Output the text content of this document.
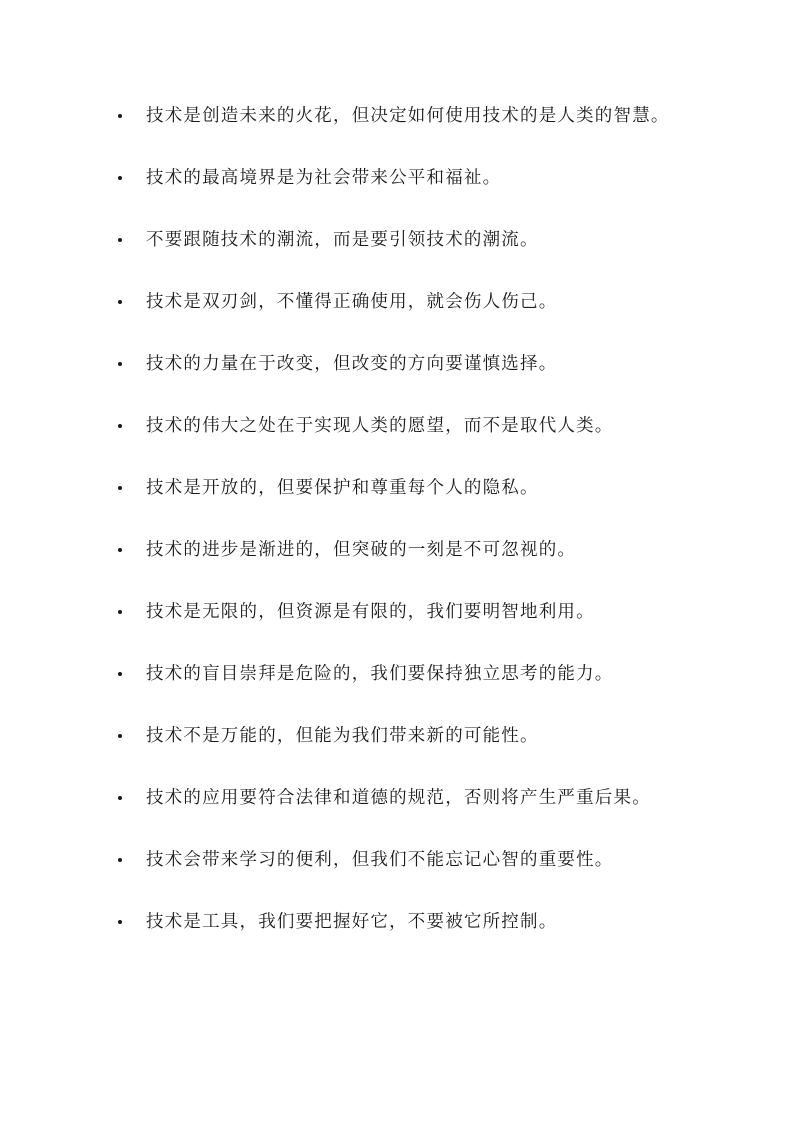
技术是创造未来的火花，但决定如何使用技术的是人类的智慧。
技术的最高境界是为社会带来公平和福祉。
不要跟随技术的潮流，而是要引领技术的潮流。
技术是双刃剑，不懂得正确使用，就会伤人伤己。
技术的力量在于改变，但改变的方向要谨慎选择。
技术的伟大之处在于实现人类的愿望，而不是取代人类。
技术是开放的，但要保护和尊重每个人的隐私。
技术的进步是渐进的，但突破的一刻是不可忽视的。
技术是无限的，但资源是有限的，我们要明智地利用。
技术的盲目崇拜是危险的，我们要保持独立思考的能力。
技术不是万能的，但能为我们带来新的可能性。
技术的应用要符合法律和道德的规范，否则将产生严重后果。
技术会带来学习的便利，但我们不能忘记心智的重要性。
技术是工具，我们要把握好它，不要被它所控制。
